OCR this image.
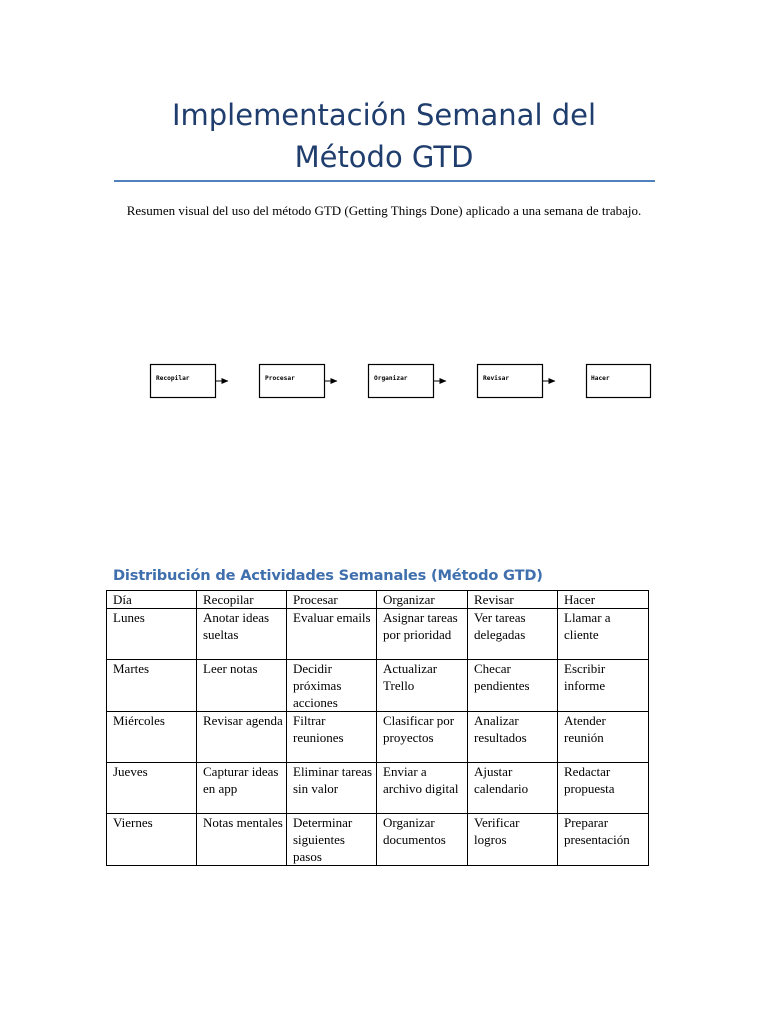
Implementación Semanal del Método GTD

Resumen visual del uso del método GTD (Getting Things Done) aplicado a una semana de trabajo.

Recopilar	Procesar	Organizar	Revisar	Hacer
Distribución de Actividades Semanales (Método GTD)
Día	Recopilar	Procesar	Organizar	Revisar	Hacer
Lunes	Anotar ideas sueltas	Evaluar emails	Asignar tareas por prioridad	Ver tareas delegadas	Llamar a cliente
Martes	Leer notas	Decidir próximas acciones	Actualizar Trello	Checar pendientes	Escribir informe
Miércoles	Revisar agenda	Filtrar reuniones	Clasificar por proyectos	Analizar resultados	Atender reunión
Jueves	Capturar ideas en app	Eliminar tareas sin valor	Enviar a archivo digital	Ajustar calendario	Redactar propuesta
Viernes	Notas mentales	Determinar siguientes pasos	Organizar documentos	Verificar logros	Preparar presentación
